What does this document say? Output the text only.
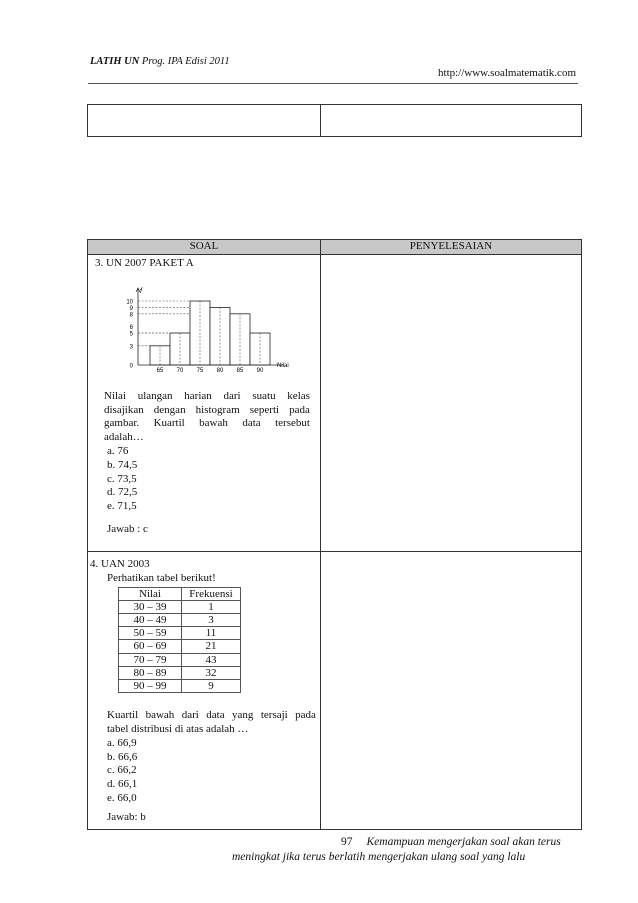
LATIH UN Prog. IPA Edisi 2011
http://www.soalmatematik.com

SOAL	PENYELESAIAN

3. UN 2007 PAKET A
0
3
5
6
8
9
10
65 70 75 80 85 90
f
Nilai
Nilai ulangan harian dari suatu kelas
disajikan dengan histogram seperti pada
gambar. Kuartil bawah data tersebut
adalah…
a. 76
b. 74,5
c. 73,5
d. 72,5
e. 71,5
Jawab : c

4. UAN 2003
Perhatikan tabel berikut!
Nilai	Frekuensi
30 – 39	1
40 – 49	3
50 – 59	11
60 – 69	21
70 – 79	43
80 – 89	32
90 – 99	9
Kuartil bawah dari data yang tersaji pada
tabel distribusi di atas adalah …
a. 66,9
b. 66,6
c. 66,2
d. 66,1
e. 66,0
Jawab: b

97 Kemampuan mengerjakan soal akan terus
meningkat jika terus berlatih mengerjakan ulang soal yang lalu
